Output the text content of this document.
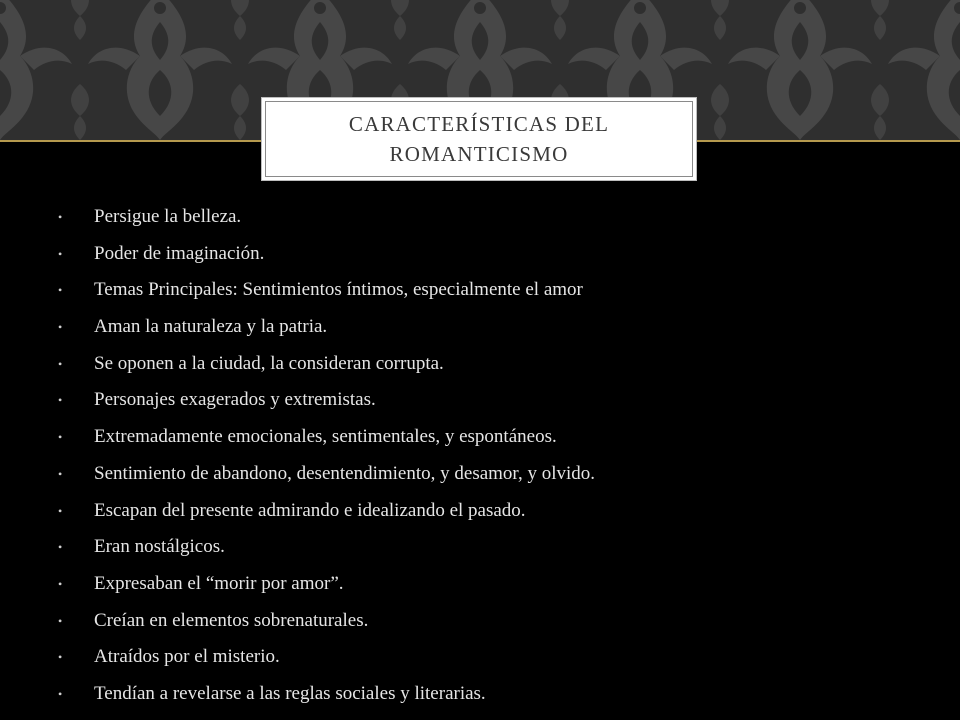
CARACTERÍSTICAS DEL
ROMANTICISMO
• Persigue la belleza.
• Poder de imaginación.
• Temas Principales: Sentimientos íntimos, especialmente el amor
• Aman la naturaleza y la patria.
• Se oponen a la ciudad, la consideran corrupta.
• Personajes exagerados y extremistas.
• Extremadamente emocionales, sentimentales, y espontáneos.
• Sentimiento de abandono, desentendimiento, y desamor, y olvido.
• Escapan del presente admirando e idealizando el pasado.
• Eran nostálgicos.
• Expresaban el “morir por amor”.
• Creían en elementos sobrenaturales.
• Atraídos por el misterio.
• Tendían a revelarse a las reglas sociales y literarias.
